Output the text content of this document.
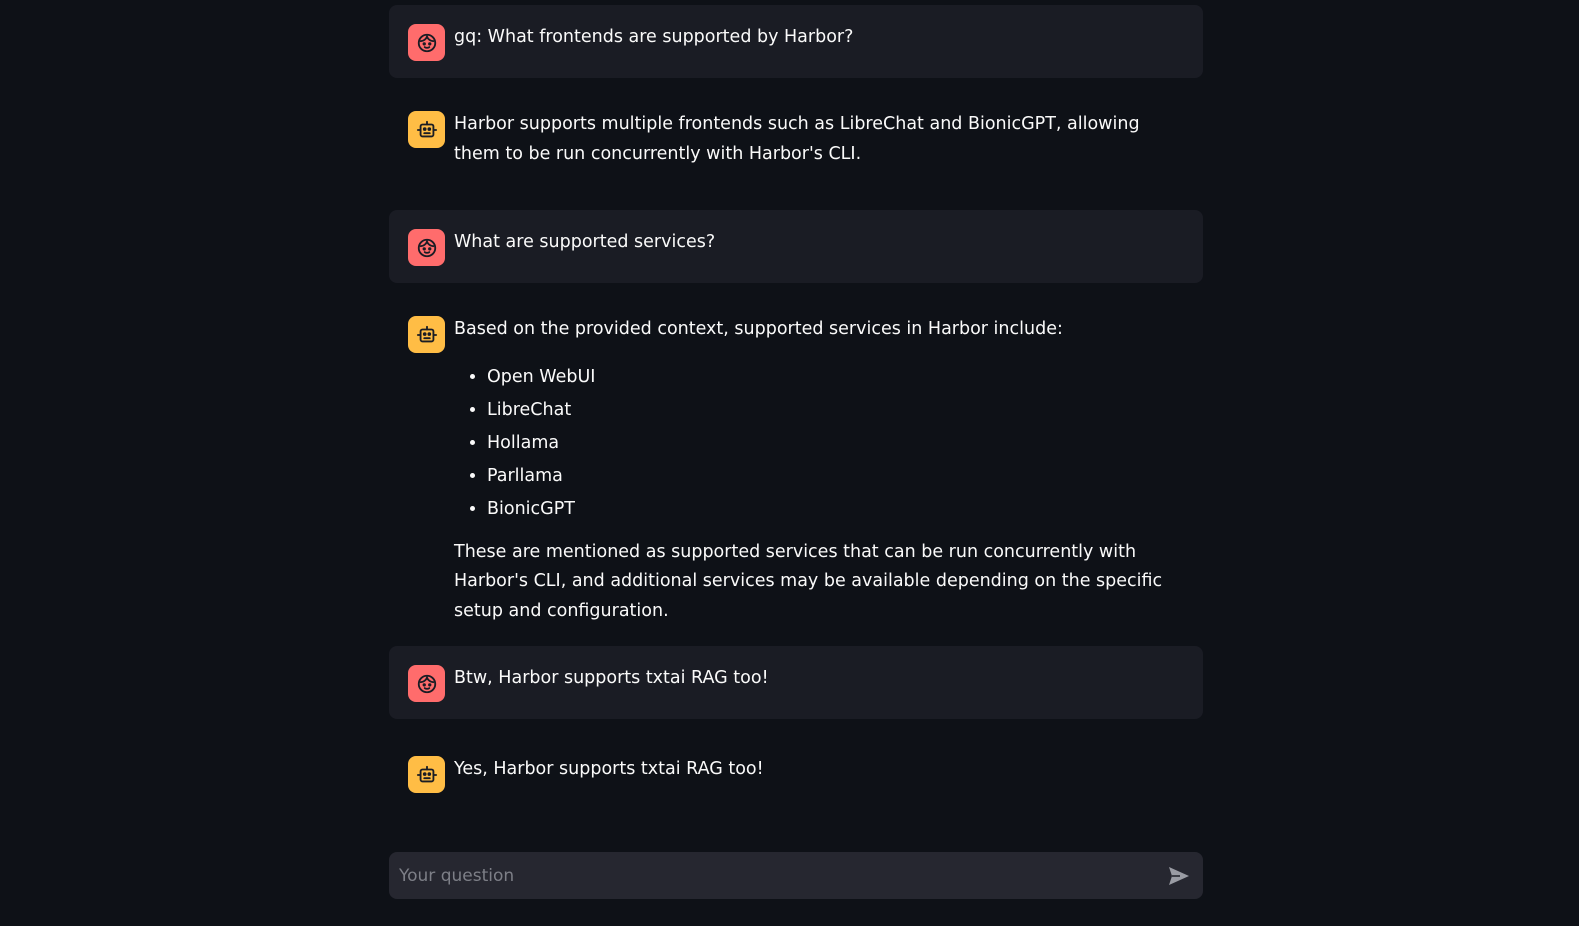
gq: What frontends are supported by Harbor?

Harbor supports multiple frontends such as LibreChat and BionicGPT, allowing them to be run concurrently with Harbor's CLI.

What are supported services?

Based on the provided context, supported services in Harbor include:

• Open WebUI
• LibreChat
• Hollama
• Parllama
• BionicGPT

These are mentioned as supported services that can be run concurrently with Harbor's CLI, and additional services may be available depending on the specific setup and configuration.

Btw, Harbor supports txtai RAG too!

Yes, Harbor supports txtai RAG too!

Your question
